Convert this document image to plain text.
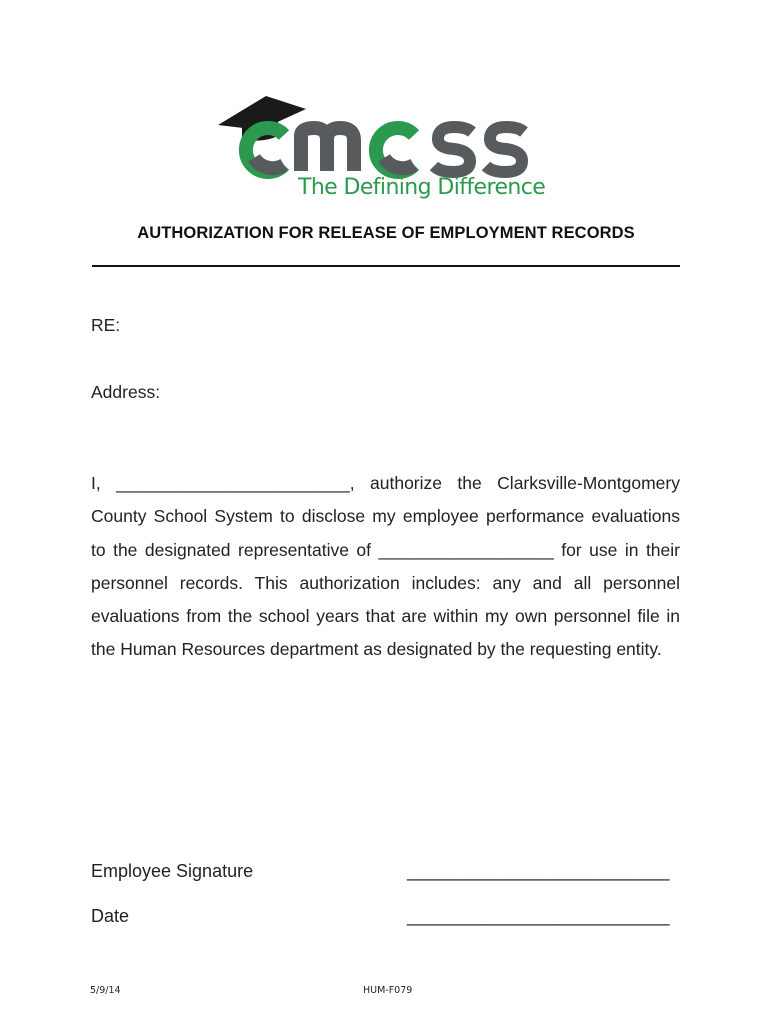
The Defining Difference
AUTHORIZATION FOR RELEASE OF EMPLOYMENT RECORDS
RE:
Address:
I, ________________________, authorize the Clarksville-Montgomery County School System to disclose my employee performance evaluations to the designated representative of __________________ for use in their personnel records. This authorization includes: any and all personnel evaluations from the school years that are within my own personnel file in the Human Resources department as designated by the requesting entity.
Employee Signature	___________________________
Date	___________________________
5/9/14	HUM-F079
